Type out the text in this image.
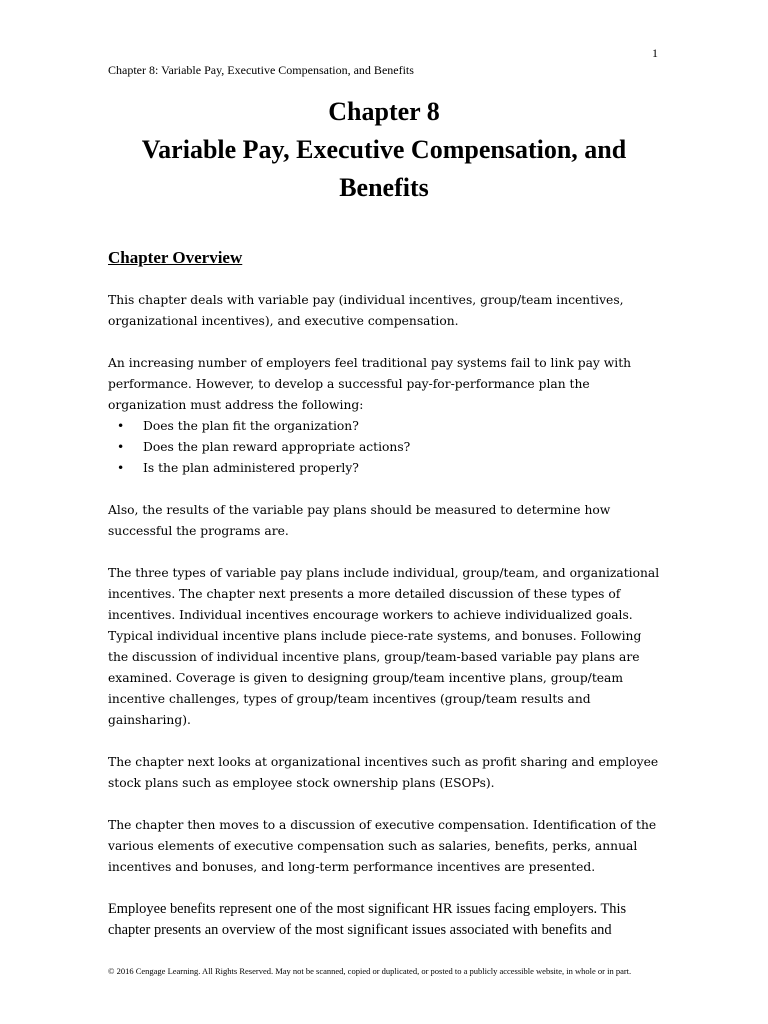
1
Chapter 8: Variable Pay, Executive Compensation, and Benefits
Chapter 8
Variable Pay, Executive Compensation, and
Benefits
Chapter Overview

This chapter deals with variable pay (individual incentives, group/team incentives, organizational incentives), and executive compensation.

An increasing number of employers feel traditional pay systems fail to link pay with performance. However, to develop a successful pay-for-performance plan the organization must address the following:

• Does the plan fit the organization?
• Does the plan reward appropriate actions?
• Is the plan administered properly?

Also, the results of the variable pay plans should be measured to determine how successful the programs are.

The three types of variable pay plans include individual, group/team, and organizational incentives. The chapter next presents a more detailed discussion of these types of incentives. Individual incentives encourage workers to achieve individualized goals. Typical individual incentive plans include piece-rate systems, and bonuses. Following the discussion of individual incentive plans, group/team-based variable pay plans are examined. Coverage is given to designing group/team incentive plans, group/team incentive challenges, types of group/team incentives (group/team results and gainsharing).

The chapter next looks at organizational incentives such as profit sharing and employee stock plans such as employee stock ownership plans (ESOPs).

The chapter then moves to a discussion of executive compensation. Identification of the various elements of executive compensation such as salaries, benefits, perks, annual incentives and bonuses, and long-term performance incentives are presented.

Employee benefits represent one of the most significant HR issues facing employers. This chapter presents an overview of the most significant issues associated with benefits and

© 2016 Cengage Learning. All Rights Reserved. May not be scanned, copied or duplicated, or posted to a publicly accessible website, in whole or in part.
